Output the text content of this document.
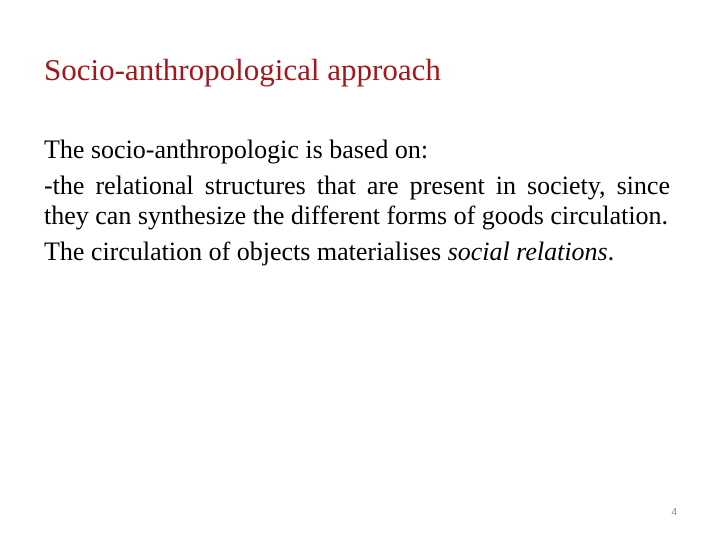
Socio-anthropological approach

The socio-anthropologic is based on:

-the relational structures that are present in society, since they can synthesize the different forms of goods circulation.

The circulation of objects materialises social relations.

4
